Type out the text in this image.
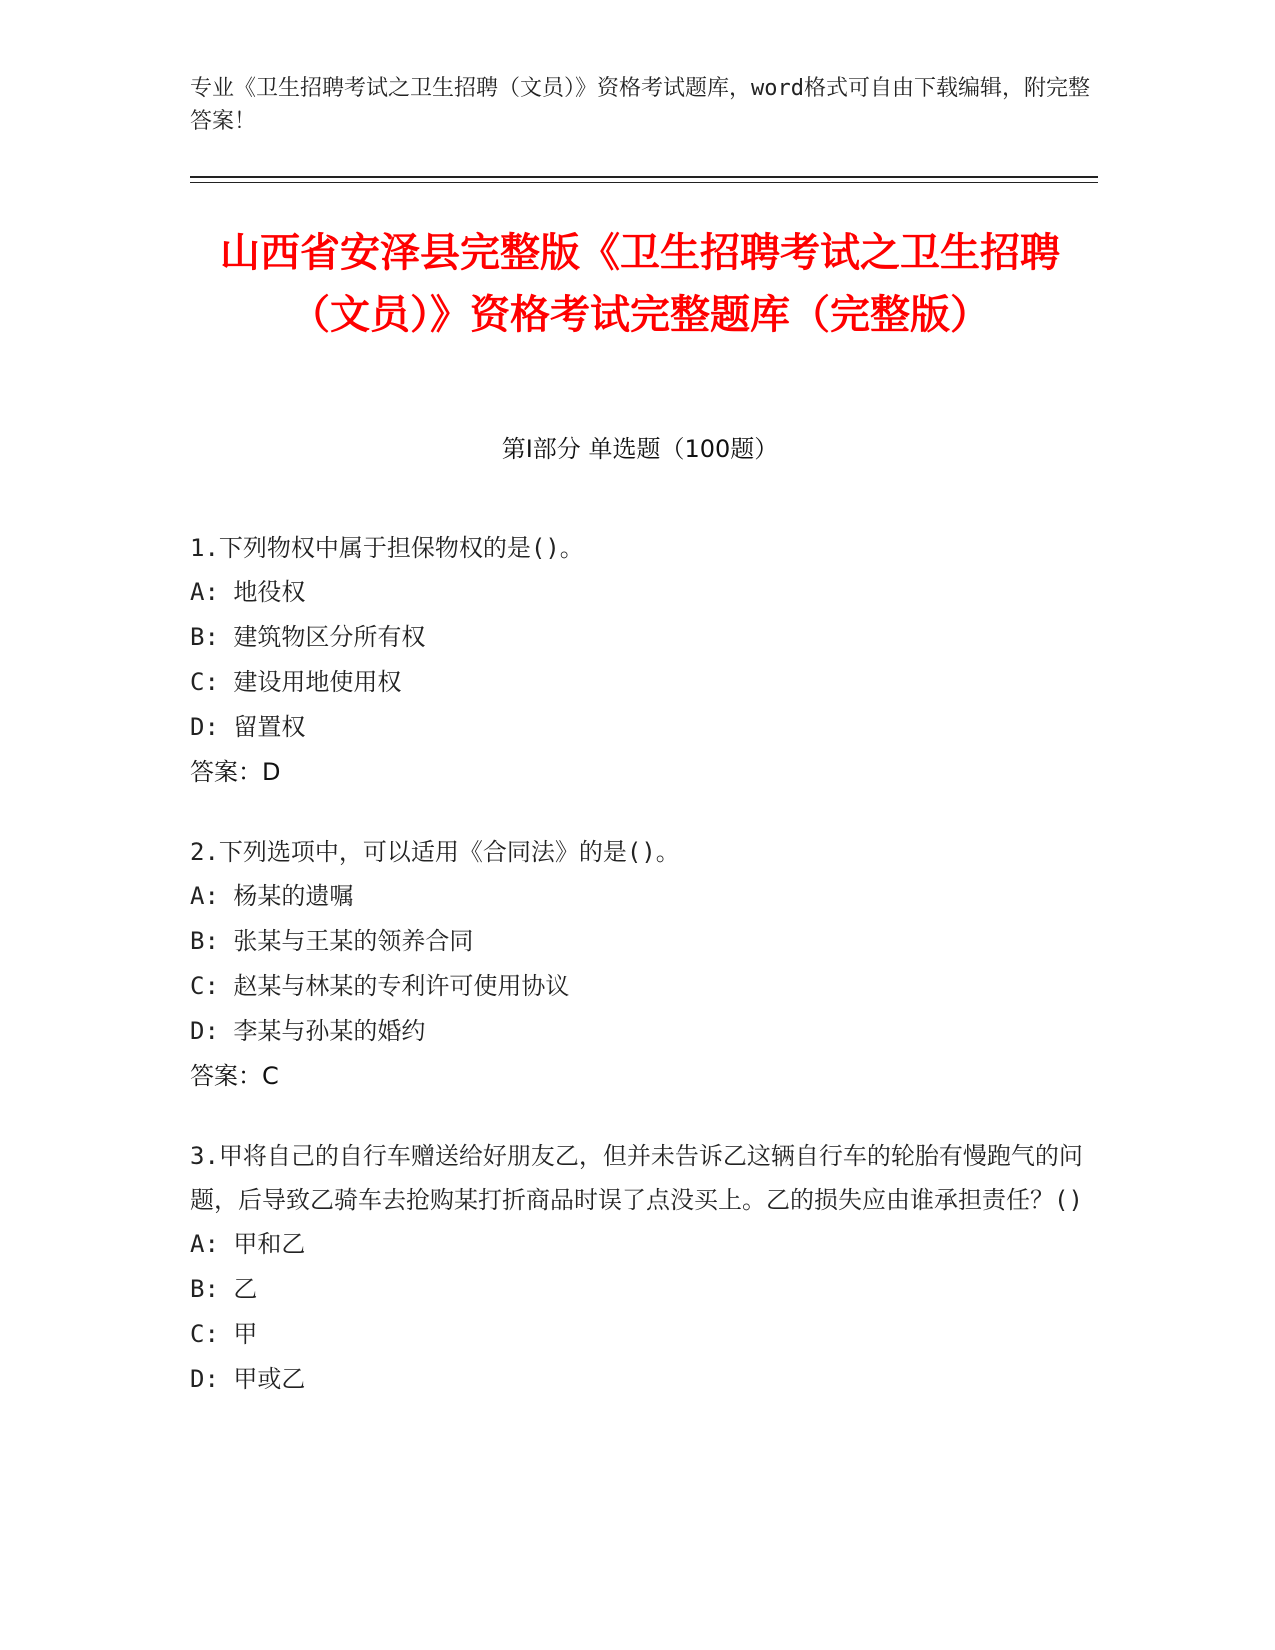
专业《卫生招聘考试之卫生招聘（文员）》资格考试题库，word格式可自由下载编辑，附完整答案！
山西省安泽县完整版《卫生招聘考试之卫生招聘（文员）》资格考试完整题库（完整版）
第I部分 单选题（100题）
1.下列物权中属于担保物权的是()。
A: 地役权
B: 建筑物区分所有权
C: 建设用地使用权
D: 留置权
答案：D
2.下列选项中，可以适用《合同法》的是()。
A: 杨某的遗嘱
B: 张某与王某的领养合同
C: 赵某与林某的专利许可使用协议
D: 李某与孙某的婚约
答案：C
3.甲将自己的自行车赠送给好朋友乙，但并未告诉乙这辆自行车的轮胎有慢跑气的问题，后导致乙骑车去抢购某打折商品时误了点没买上。乙的损失应由谁承担责任？()
A: 甲和乙
B: 乙
C: 甲
D: 甲或乙
